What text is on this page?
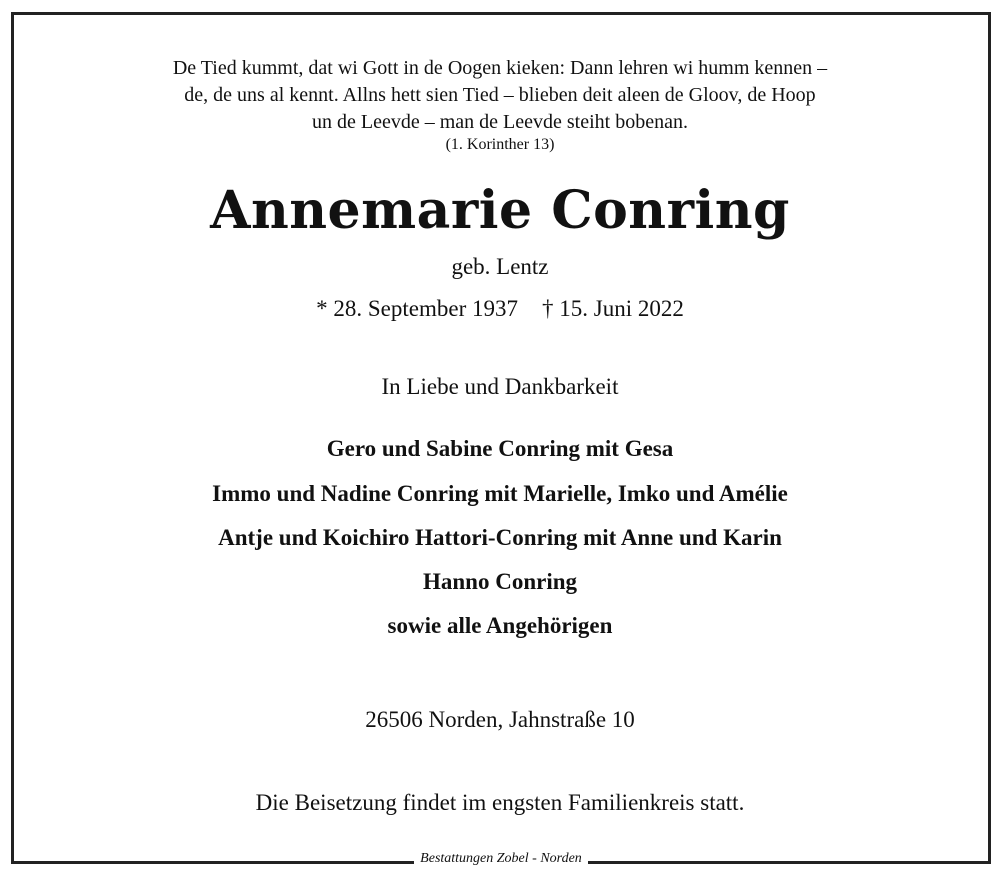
De Tied kummt, dat wi Gott in de Oogen kieken: Dann lehren wi humm kennen –
de, de uns al kennt. Allns hett sien Tied – blieben deit aleen de Gloov, de Hoop
un de Leevde – man de Leevde steiht bobenan.
(1. Korinther 13)
Annemarie Conring
geb. Lentz
* 28. September 1937 † 15. Juni 2022
In Liebe und Dankbarkeit
Gero und Sabine Conring mit Gesa
Immo und Nadine Conring mit Marielle, Imko und Amélie
Antje und Koichiro Hattori-Conring mit Anne und Karin
Hanno Conring
sowie alle Angehörigen
26506 Norden, Jahnstraße 10
Die Beisetzung findet im engsten Familienkreis statt.
Bestattungen Zobel - Norden
